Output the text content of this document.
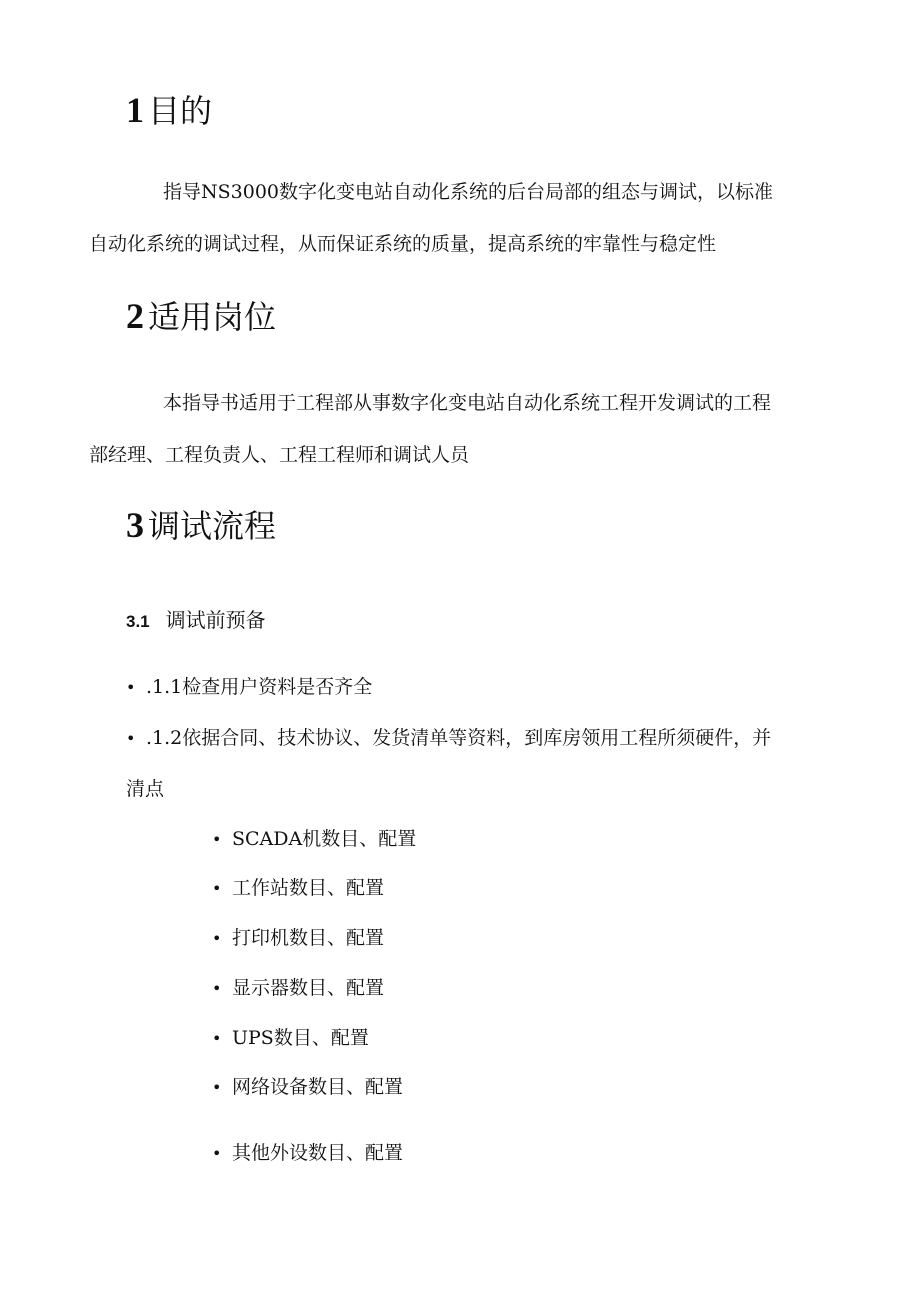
1 目的

指导NS3000数字化变电站自动化系统的后台局部的组态与调试，以标准
自动化系统的调试过程，从而保证系统的质量，提高系统的牢靠性与稳定性

2 适用岗位

本指导书适用于工程部从事数字化变电站自动化系统工程开发调试的工程
部经理、工程负责人、工程工程师和调试人员

3 调试流程
3.1 调试前预备

• .1.1检查用户资料是否齐全

• .1.2依据合同、技术协议、发货清单等资料，到库房领用工程所须硬件，并

清点

• SCADA机数目、配置

• 工作站数目、配置

• 打印机数目、配置

• 显示器数目、配置

• UPS数目、配置

• 网络设备数目、配置

• 其他外设数目、配置
